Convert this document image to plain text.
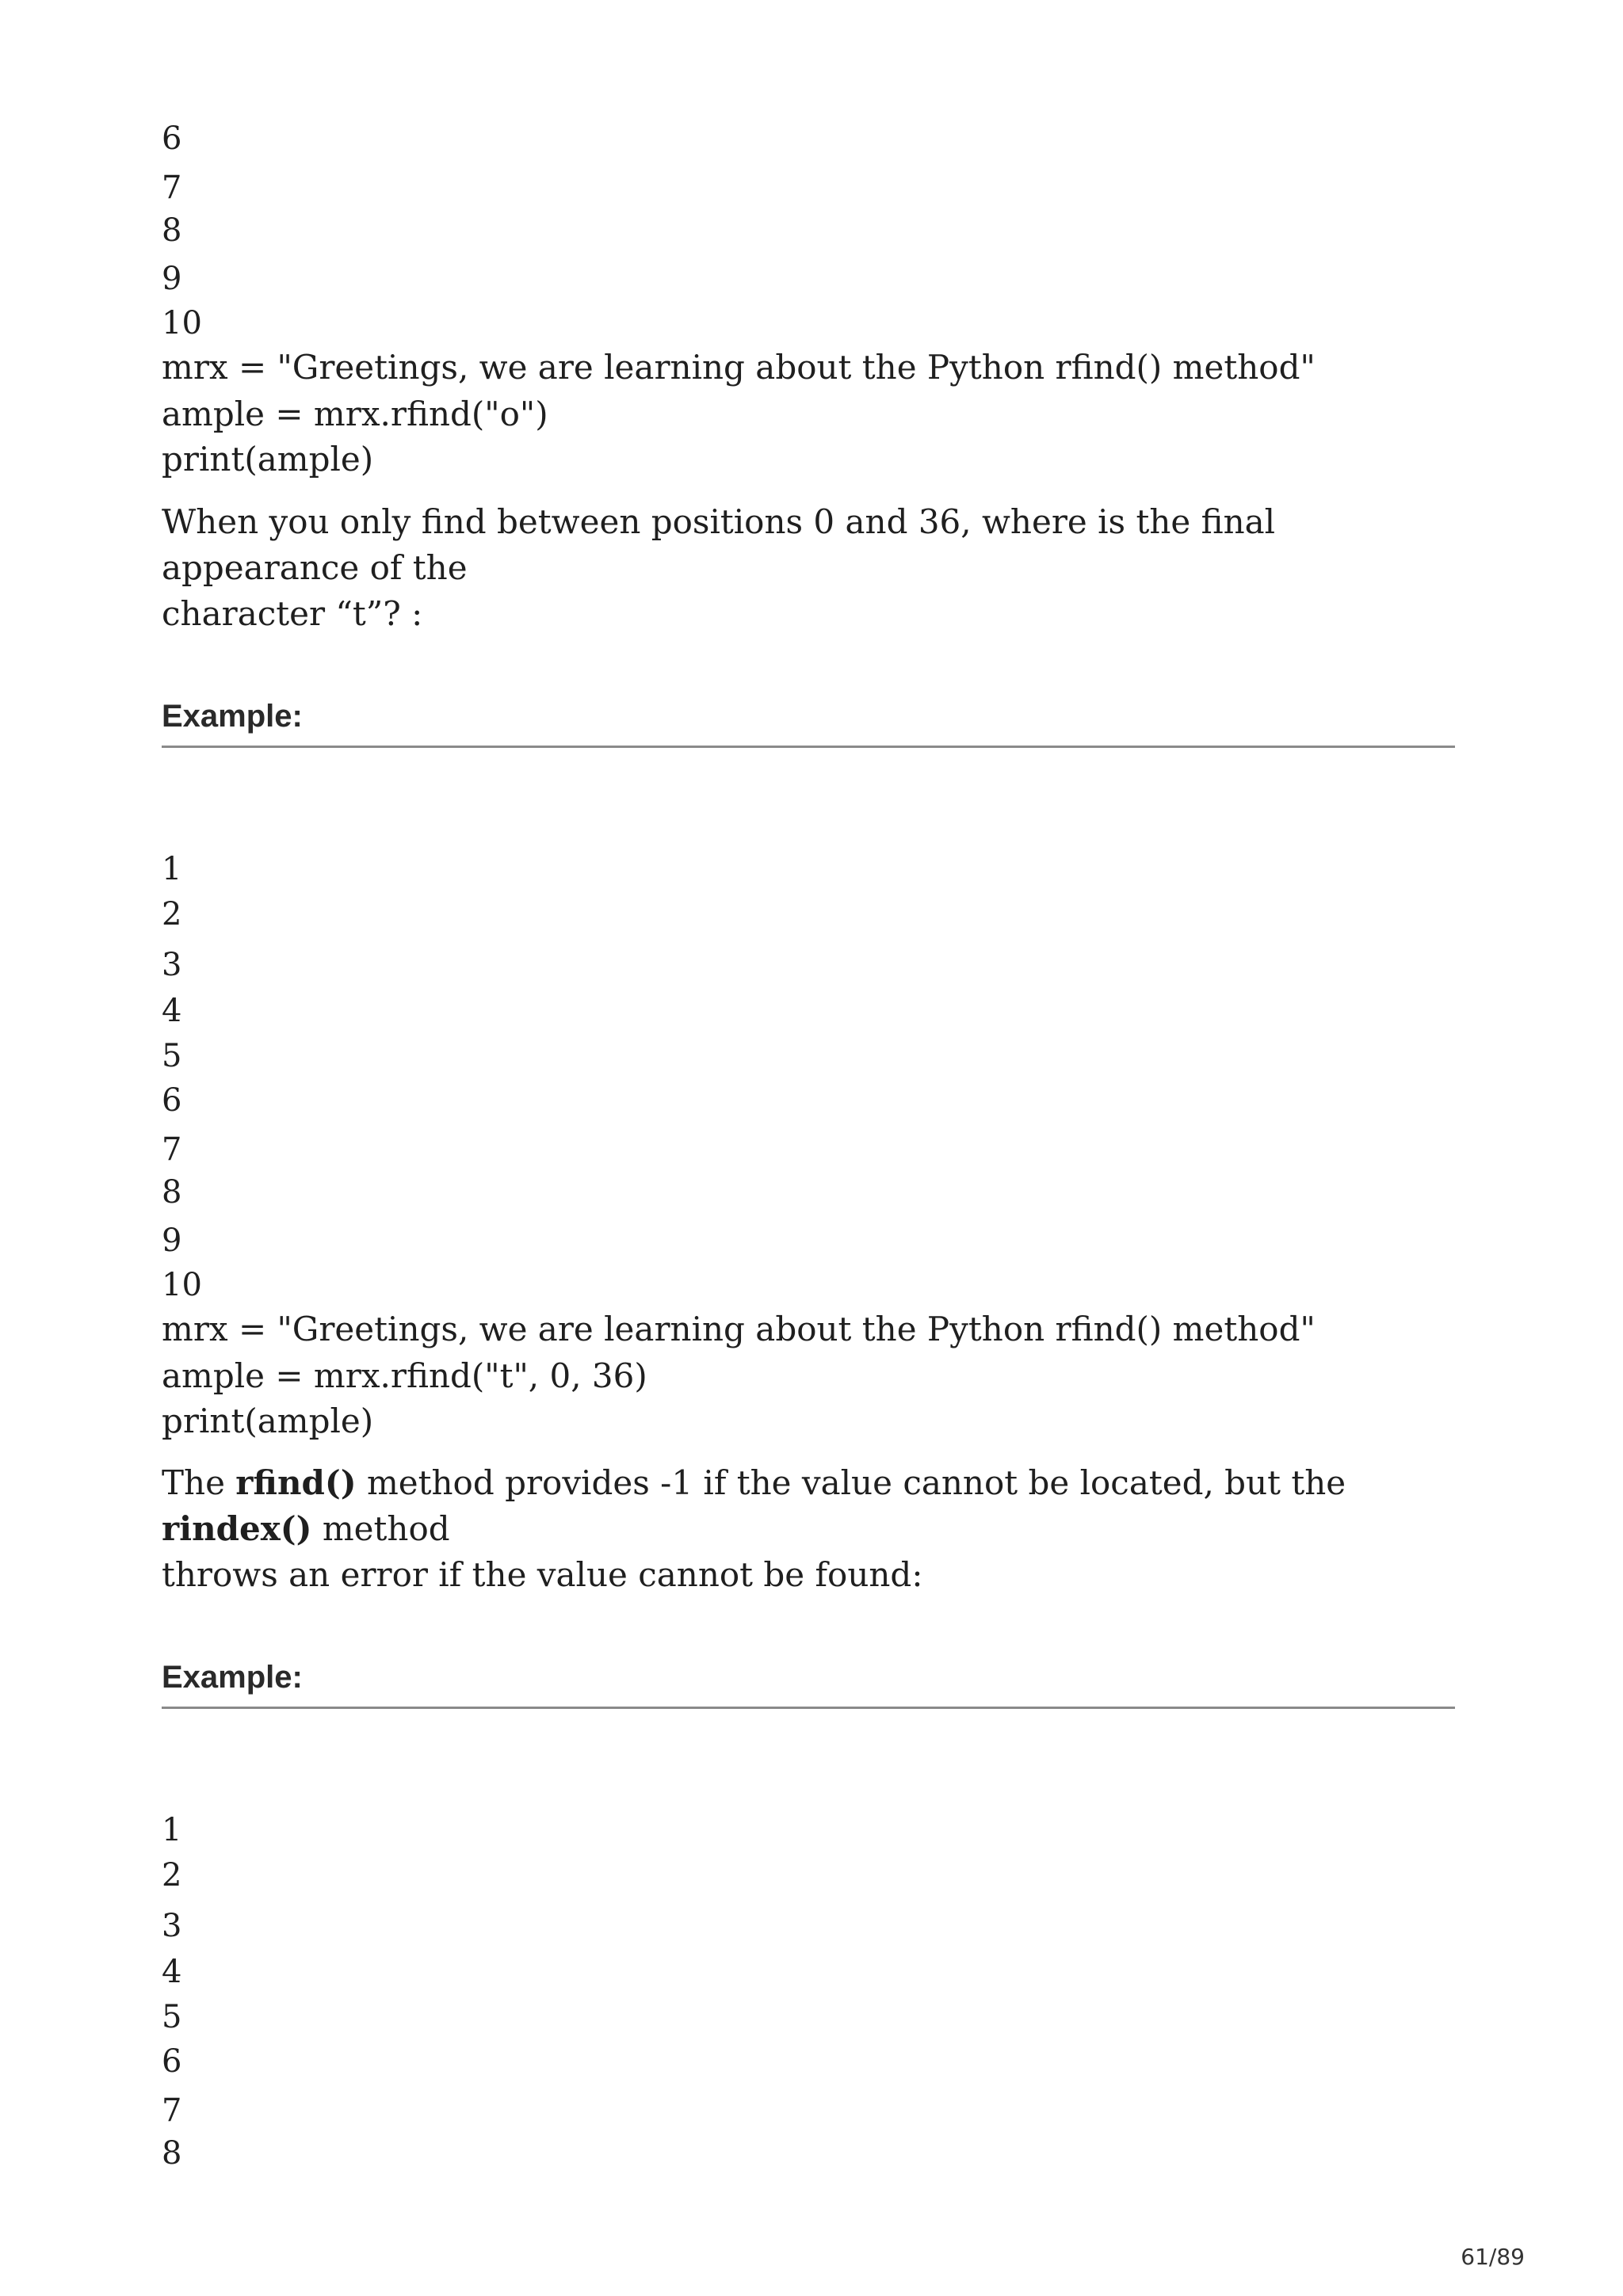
6
7
8
9
10
mrx = "Greetings, we are learning about the Python rfind() method"
ample = mrx.rfind("o")
print(ample)
When you only find between positions 0 and 36, where is the final appearance of the
character “t”? :
Example:
1
2
3
4
5
6
7
8
9
10
mrx = "Greetings, we are learning about the Python rfind() method"
ample = mrx.rfind("t", 0, 36)
print(ample)
The rfind() method provides -1 if the value cannot be located, but the rindex() method
throws an error if the value cannot be found:
Example:
1
2
3
4
5
6
7
8
61/89
